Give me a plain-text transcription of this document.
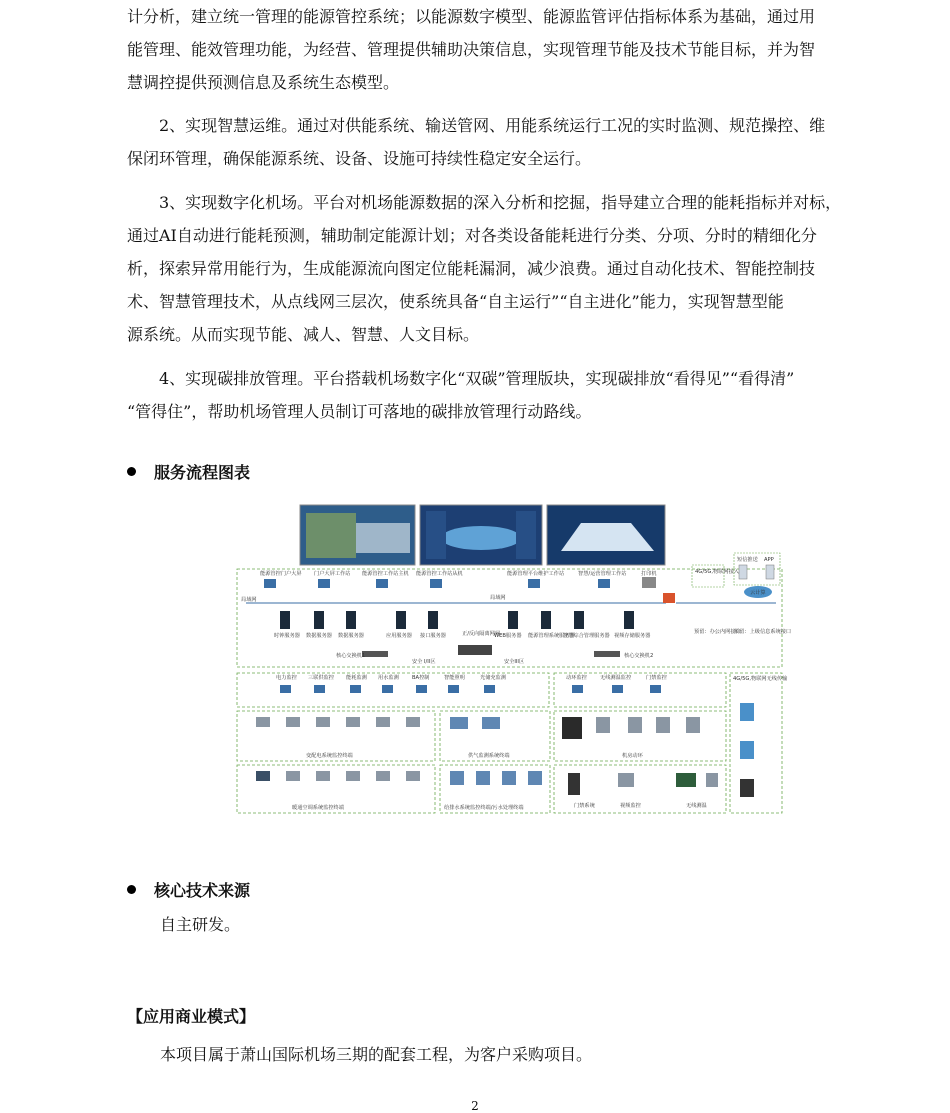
计分析，建立统一管理的能源管控系统；以能源数字模型、能源监管评估指标体系为基础，通过用
能管理、能效管理功能，为经营、管理提供辅助决策信息，实现管理节能及技术节能目标，并为智
慧调控提供预测信息及系统生态模型。
2、实现智慧运维。通过对供能系统、输送管网、用能系统运行工况的实时监测、规范操控、维
保闭环管理，确保能源系统、设备、设施可持续性稳定安全运行。
3、实现数字化机场。平台对机场能源数据的深入分析和挖掘，指导建立合理的能耗指标并对标，
通过AI自动进行能耗预测，辅助制定能源计划；对各类设备能耗进行分类、分项、分时的精细化分
析，探索异常用能行为，生成能源流向图定位能耗漏洞，减少浪费。通过自动化技术、智能控制技
术、智慧管理技术，从点线网三层次，使系统具备“自主运行”“自主进化”能力，实现智慧型能
源系统。从而实现节能、减人、智慧、人文目标。
4、实现碳排放管理。平台搭载机场数字化“双碳”管理版块，实现碳排放“看得见”“看得清”
“管得住”，帮助机场管理人员制订可落地的碳排放管理行动路线。
服务流程图表
能源管控门户大屏 门户大屏工作站 能源管控工作站主机 能源管控工作站从机	能源管理平台维护工作站	智慧/运营管理工作站	打印机
局域网	局域网
4G/5G,物联网接入
短信推送 APP
云计算
时钟服务器 数据服务器 数据服务器	应用服务器 接口服务器	WEB服务器 能源管理系统服务器
智慧综合管理服务器 视频存储服务器
核心交换机1	核心交换机2
正/反向隔离网闸
安全 I/II区	安全III区
预留：办公内网接口
预留：上级信息系统接口
4G/5G,物联网无线传输
电力监控 三联供监控 能耗监测 用水监测	BA控制	智能照明	光储充监测	动环监控	无线测温监控	门禁监控
变配电系统监控终端	供气监测系统终端	机房动环
暖通空调系统监控终端	给排水系统监控终端/污水处理终端	门禁系统	视频监控	无线测温
核心技术来源
自主研发。
【应用商业模式】
本项目属于萧山国际机场三期的配套工程，为客户采购项目。
2
